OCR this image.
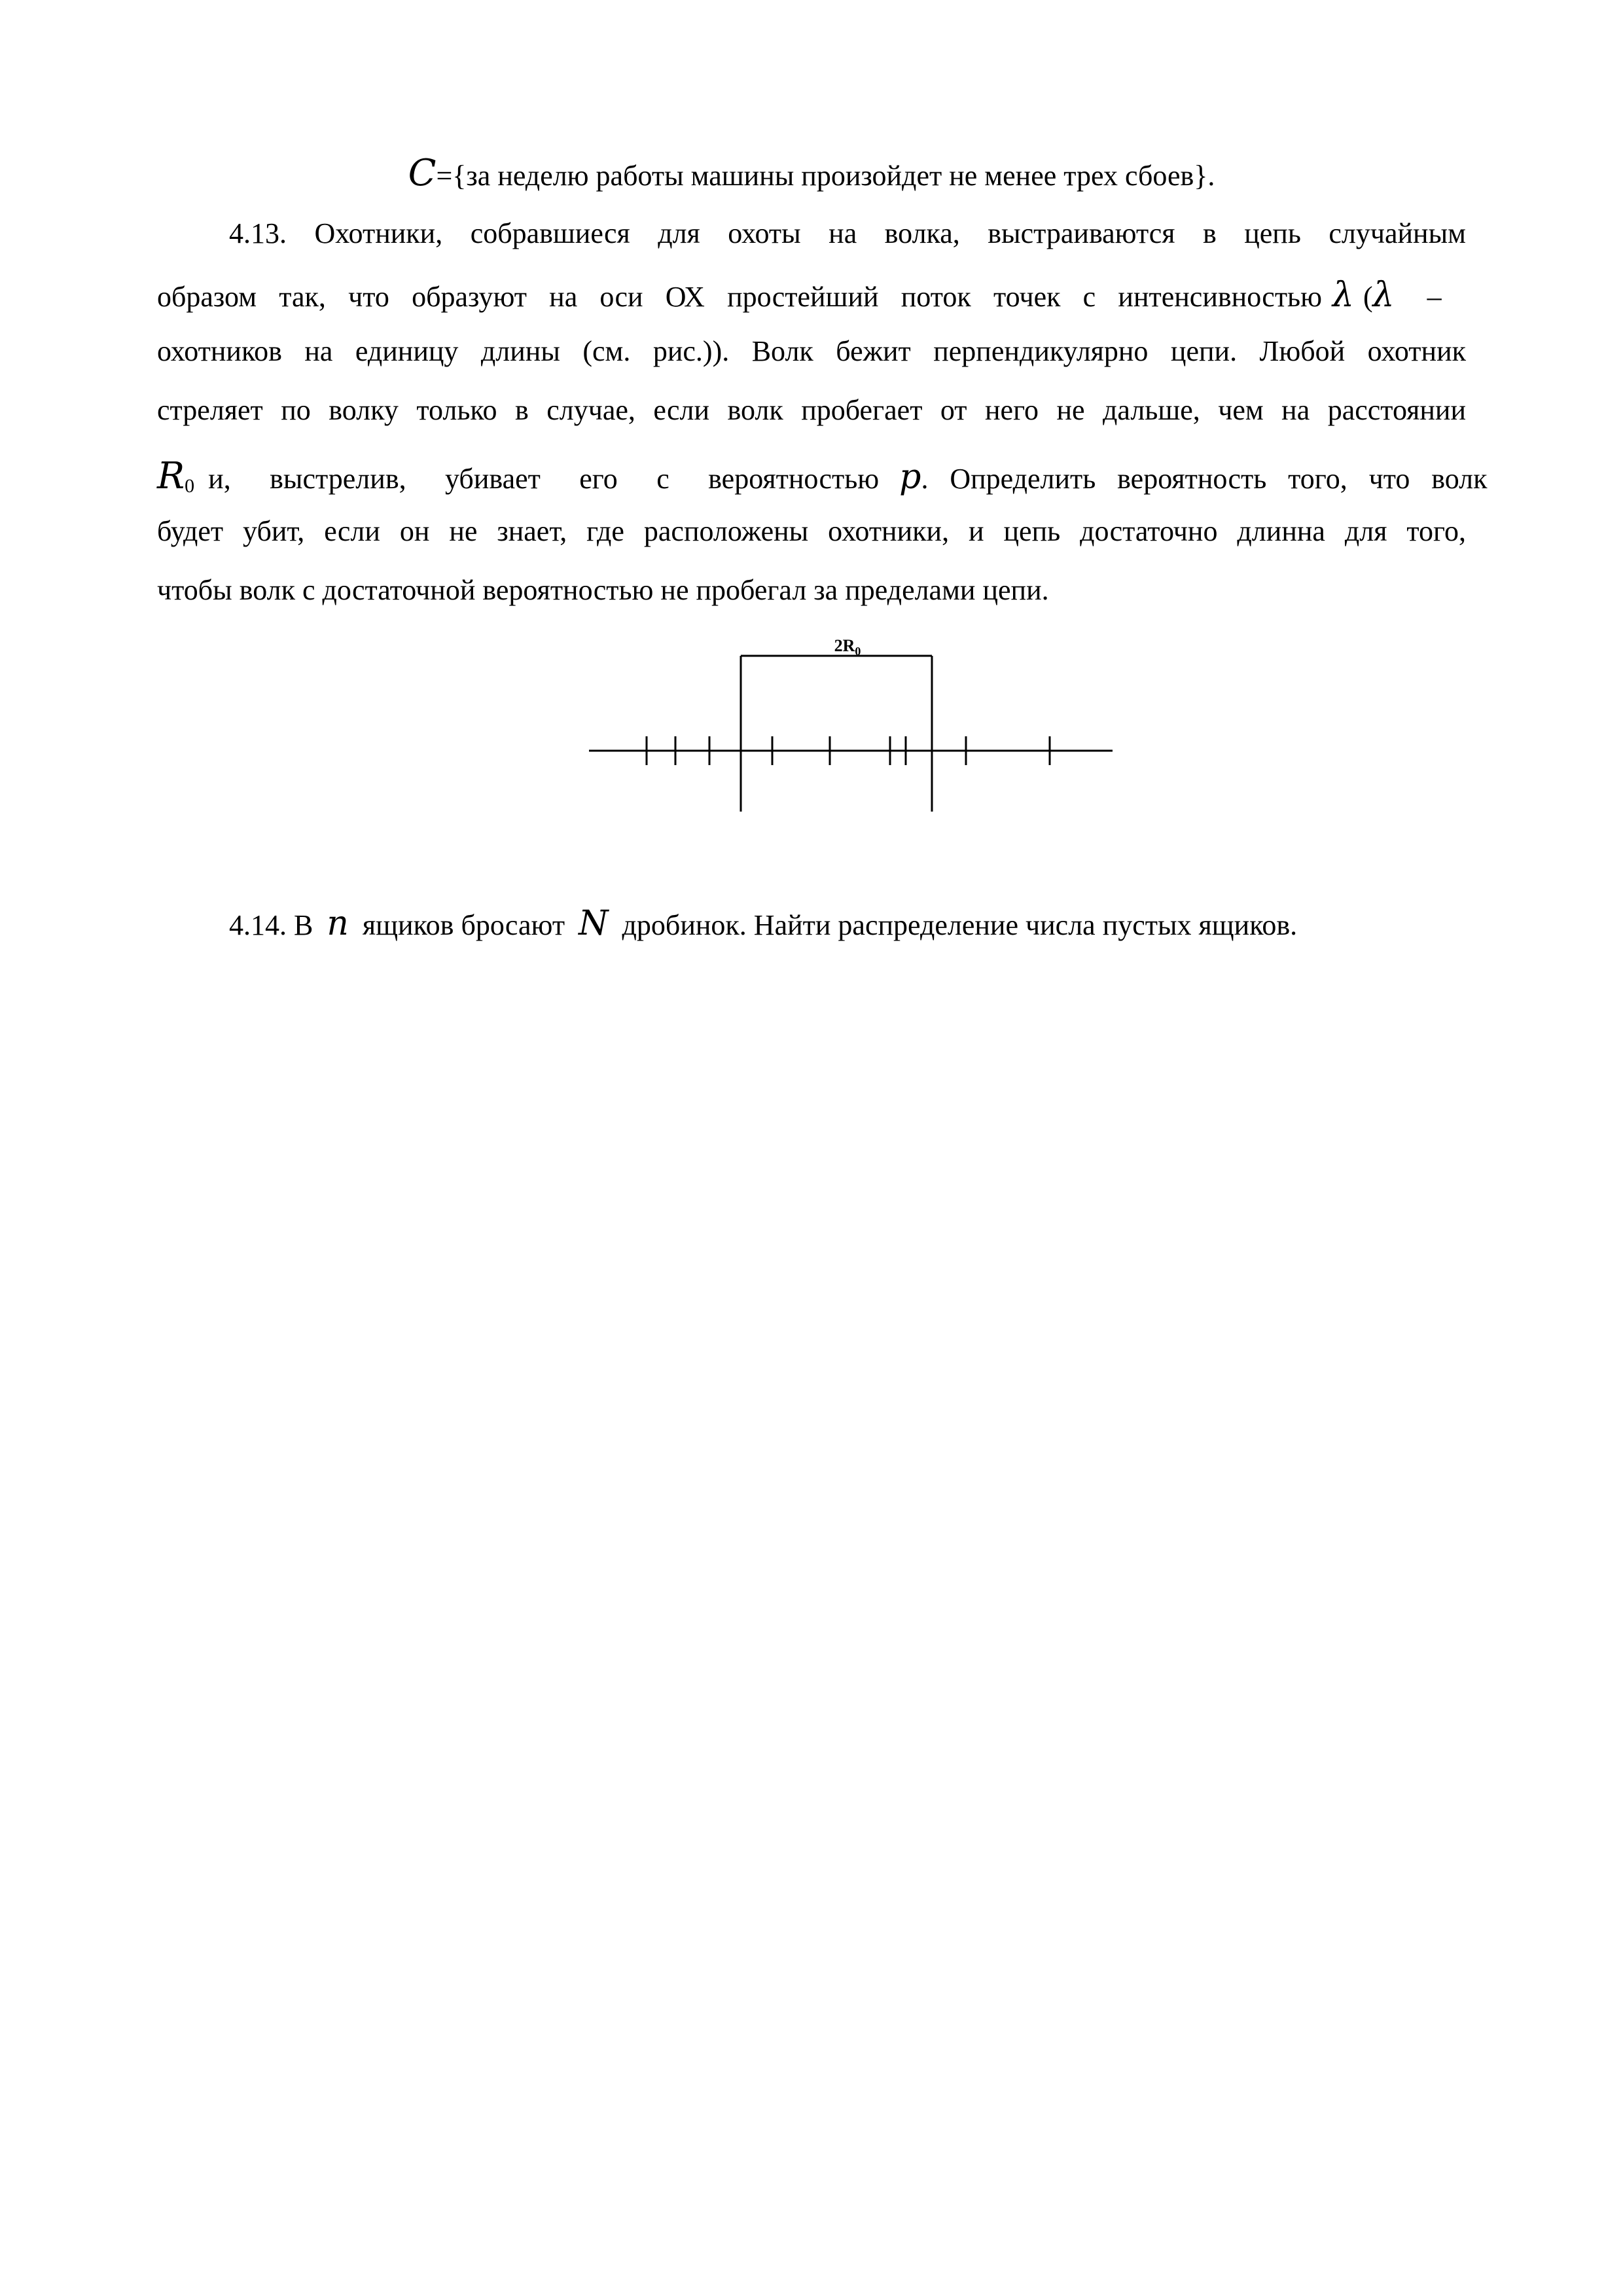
C={за неделю работы машины произойдет не менее трех сбоев}.
4.13. Охотники, собравшиеся для охоты на волка, выстраиваются в цепь случайным
образом так, что образуют на оси ОХ простейший поток точек с интенсивностью λ (λ –
охотников на единицу длины (см. рис.)). Волк бежит перпендикулярно цепи. Любой охотник
стреляет по волку только в случае, если волк пробегает от него не дальше, чем на расстоянии
$R_0$ и, выстрелив, убивает его с вероятностью p. Определить вероятность того, что волк
будет убит, если он не знает, где расположены охотники, и цепь достаточно длинна для того,
чтобы волк с достаточной вероятностью не пробегал за пределами цепи.
$2R_0$
4.14. В n ящиков бросают N дробинок. Найти распределение числа пустых ящиков.
